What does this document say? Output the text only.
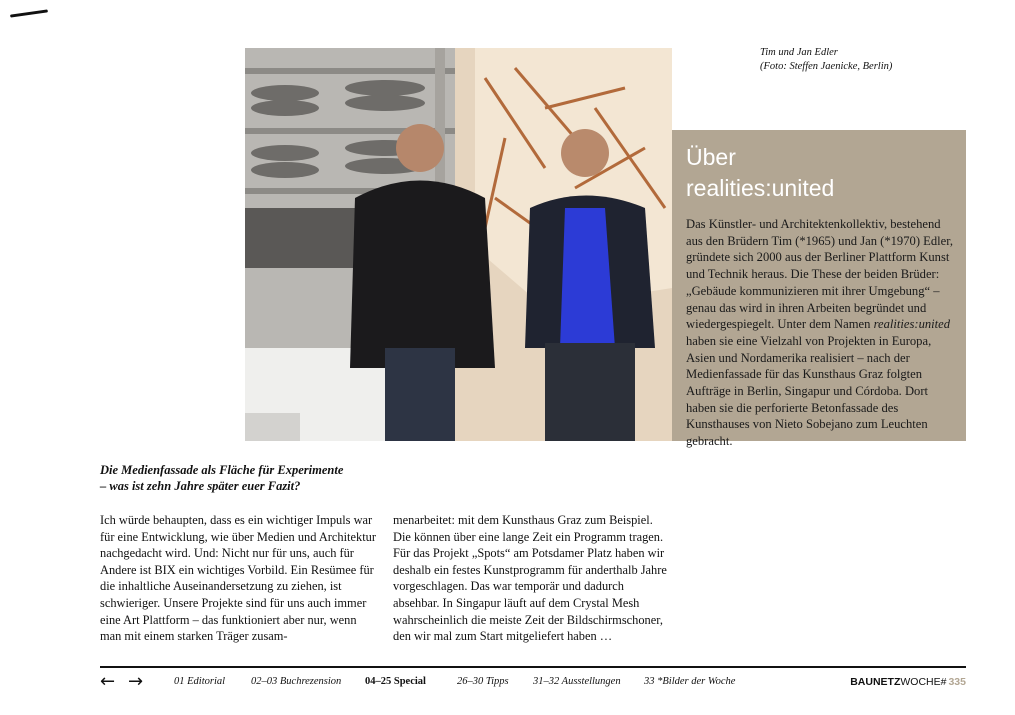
Tim und Jan Edler
(Foto: Steffen Jaenicke, Berlin)
Über
realities:united
Das Künstler- und Architektenkollektiv, bestehend aus den Brüdern Tim (*1965) und Jan (*1970) Edler, gründete sich 2000 aus der Berliner Plattform Kunst und Technik heraus. Die These der beiden Brüder: „Gebäude kommunizieren mit ihrer Umgebung“ – genau das wird in ihren Arbeiten begründet und wiedergespiegelt. Unter dem Namen realities:united haben sie eine Vielzahl von Projekten in Europa, Asien und Nordamerika realisiert – nach der Medienfassade für das Kunsthaus Graz folgten Aufträge in Berlin, Singapur und Córdoba. Dort haben sie die perforierte Betonfassade des Kunsthauses von Nieto Sobejano zum Leuchten gebracht.
Die Medienfassade als Fläche für Experimente
– was ist zehn Jahre später euer Fazit?
Ich würde behaupten, dass es ein wichtiger Impuls war für eine Entwicklung, wie über Medien und Architektur nachgedacht wird. Und: Nicht nur für uns, auch für Andere ist BIX ein wichtiges Vorbild. Ein Resümee für die inhaltliche Auseinandersetzung zu ziehen, ist schwieriger. Unsere Projekte sind für uns auch immer eine Art Plattform – das funktioniert aber nur, wenn man mit einem starken Träger zusam-
menarbeitet: mit dem Kunsthaus Graz zum Beispiel. Die können über eine lange Zeit ein Programm tragen. Für das Projekt „Spots“ am Potsdamer Platz haben wir deshalb ein festes Kunstprogramm für anderthalb Jahre vorgeschlagen. Das war temporär und dadurch absehbar. In Singapur läuft auf dem Crystal Mesh wahrscheinlich die meiste Zeit der Bildschirmschoner, den wir mal zum Start mitgeliefert haben …
← →	01 Editorial 02–03 Buchrezension 04–25 Special	26–30 Tipps 31–32 Ausstellungen 33 *Bilder der Woche	BAUNETZWOCHE# 335
